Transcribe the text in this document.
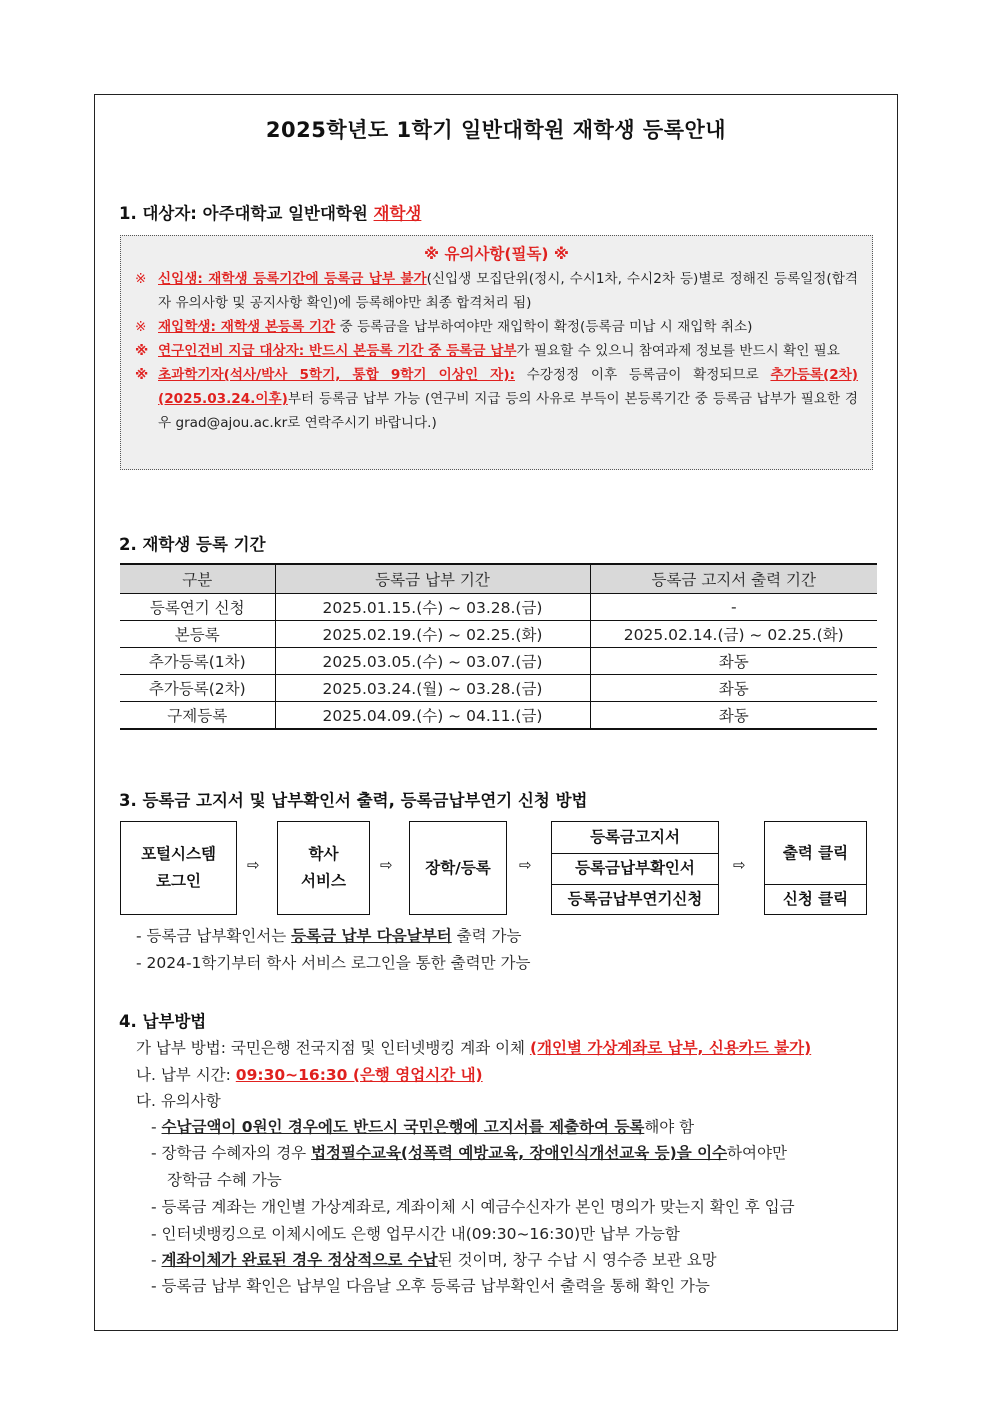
2025학년도 1학기 일반대학원 재학생 등록안내
1. 대상자: 아주대학교 일반대학원 재학생
※ 유의사항(필독) ※
※ 신입생: 재학생 등록기간에 등록금 납부 불가(신입생 모집단위(정시, 수시1차, 수시2차 등)별로 정해진 등록일정(합격자 유의사항 및 공지사항 확인)에 등록해야만 최종 합격처리 됨)
※ 재입학생: 재학생 본등록 기간 중 등록금을 납부하여야만 재입학이 확정(등록금 미납 시 재입학 취소)
※ 연구인건비 지급 대상자: 반드시 본등록 기간 중 등록금 납부가 필요할 수 있으니 참여과제 정보를 반드시 확인 필요
※ 초과학기자(석사/박사 5학기, 통합 9학기 이상인 자): 수강정정 이후 등록금이 확정되므로 추가등록(2차)(2025.03.24.이후)부터 등록금 납부 가능 (연구비 지급 등의 사유로 부득이 본등록기간 중 등록금 납부가 필요한 경우 grad@ajou.ac.kr로 연락주시기 바랍니다.)
2. 재학생 등록 기간
구분	등록금 납부 기간	등록금 고지서 출력 기간
등록연기 신청	2025.01.15.(수) ~ 03.28.(금)	-
본등록	2025.02.19.(수) ~ 02.25.(화)	2025.02.14.(금) ~ 02.25.(화)
추가등록(1차)	2025.03.05.(수) ~ 03.07.(금)	좌동
추가등록(2차)	2025.03.24.(월) ~ 03.28.(금)	좌동
구제등록	2025.04.09.(수) ~ 04.11.(금)	좌동
3. 등록금 고지서 및 납부확인서 출력, 등록금납부연기 신청 방법
포털시스템
로그인
⇨
학사
서비스
⇨ 장학/등록 ⇨
등록금고지서
등록금납부확인서
등록금납부연기신청
⇨
출력 클릭
신청 클릭
- 등록금 납부확인서는 등록금 납부 다음날부터 출력 가능
- 2024-1학기부터 학사 서비스 로그인을 통한 출력만 가능
4. 납부방법
가 납부 방법: 국민은행 전국지점 및 인터넷뱅킹 계좌 이체 (개인별 가상계좌로 납부, 신용카드 불가)
나. 납부 시간: 09:30~16:30 (은행 영업시간 내)
다. 유의사항
- 수납금액이 0원인 경우에도 반드시 국민은행에 고지서를 제출하여 등록해야 함
- 장학금 수혜자의 경우 법정필수교육(성폭력 예방교육, 장애인식개선교육 등)을 이수하여야만
장학금 수혜 가능
- 등록금 계좌는 개인별 가상계좌로, 계좌이체 시 예금수신자가 본인 명의가 맞는지 확인 후 입금
- 인터넷뱅킹으로 이체시에도 은행 업무시간 내(09:30~16:30)만 납부 가능함
- 계좌이체가 완료된 경우 정상적으로 수납된 것이며, 창구 수납 시 영수증 보관 요망
- 등록금 납부 확인은 납부일 다음날 오후 등록금 납부확인서 출력을 통해 확인 가능
